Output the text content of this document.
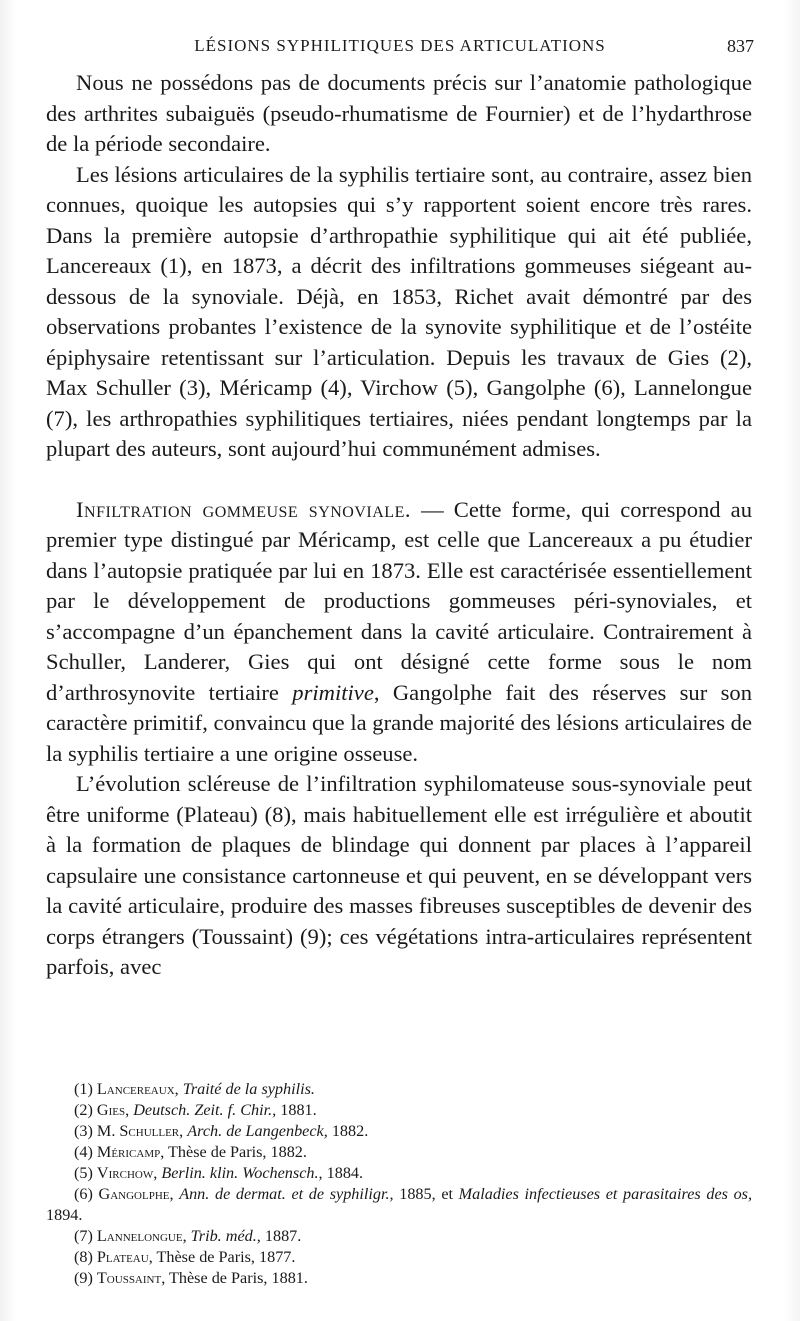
LÉSIONS SYPHILITIQUES DES ARTICULATIONS	837

Nous ne possédons pas de documents précis sur l’anatomie pathologique des arthrites subaiguës (pseudo-rhumatisme de Fournier) et de l’hydarthrose de la période secondaire.

Les lésions articulaires de la syphilis tertiaire sont, au contraire, assez bien connues, quoique les autopsies qui s’y rapportent soient encore très rares. Dans la première autopsie d’arthropathie syphilitique qui ait été publiée, Lancereaux (1), en 1873, a décrit des infiltrations gommeuses siégeant au-dessous de la synoviale. Déjà, en 1853, Richet avait démontré par des observations probantes l’existence de la synovite syphilitique et de l’ostéite épiphysaire retentissant sur l’articulation. Depuis les travaux de Gies (2), Max Schuller (3), Méricamp (4), Virchow (5), Gangolphe (6), Lannelongue (7), les arthropathies syphilitiques tertiaires, niées pendant longtemps par la plupart des auteurs, sont aujourd’hui communément admises.

Infiltration gommeuse synoviale. — Cette forme, qui correspond au premier type distingué par Méricamp, est celle que Lancereaux a pu étudier dans l’autopsie pratiquée par lui en 1873. Elle est caractérisée essentiellement par le développement de productions gommeuses péri-synoviales, et s’accompagne d’un épanchement dans la cavité articulaire. Contrairement à Schuller, Landerer, Gies qui ont désigné cette forme sous le nom d’arthrosynovite tertiaire primitive, Gangolphe fait des réserves sur son caractère primitif, convaincu que la grande majorité des lésions articulaires de la syphilis tertiaire a une origine osseuse.

L’évolution scléreuse de l’infiltration syphilomateuse sous-synoviale peut être uniforme (Plateau) (8), mais habituellement elle est irrégulière et aboutit à la formation de plaques de blindage qui donnent par places à l’appareil capsulaire une consistance cartonneuse et qui peuvent, en se développant vers la cavité articulaire, produire des masses fibreuses susceptibles de devenir des corps étrangers (Toussaint) (9); ces végétations intra-articulaires représentent parfois, avec

(1) Lancereaux, Traité de la syphilis.
(2) Gies, Deutsch. Zeit. f. Chir., 1881.
(3) M. Schuller, Arch. de Langenbeck, 1882.
(4) Méricamp, Thèse de Paris, 1882.
(5) Virchow, Berlin. klin. Wochensch., 1884.
(6) Gangolphe, Ann. de dermat. et de syphiligr., 1885, et Maladies infectieuses et parasitaires des os, 1894.
(7) Lannelongue, Trib. méd., 1887.
(8) Plateau, Thèse de Paris, 1877.
(9) Toussaint, Thèse de Paris, 1881.
